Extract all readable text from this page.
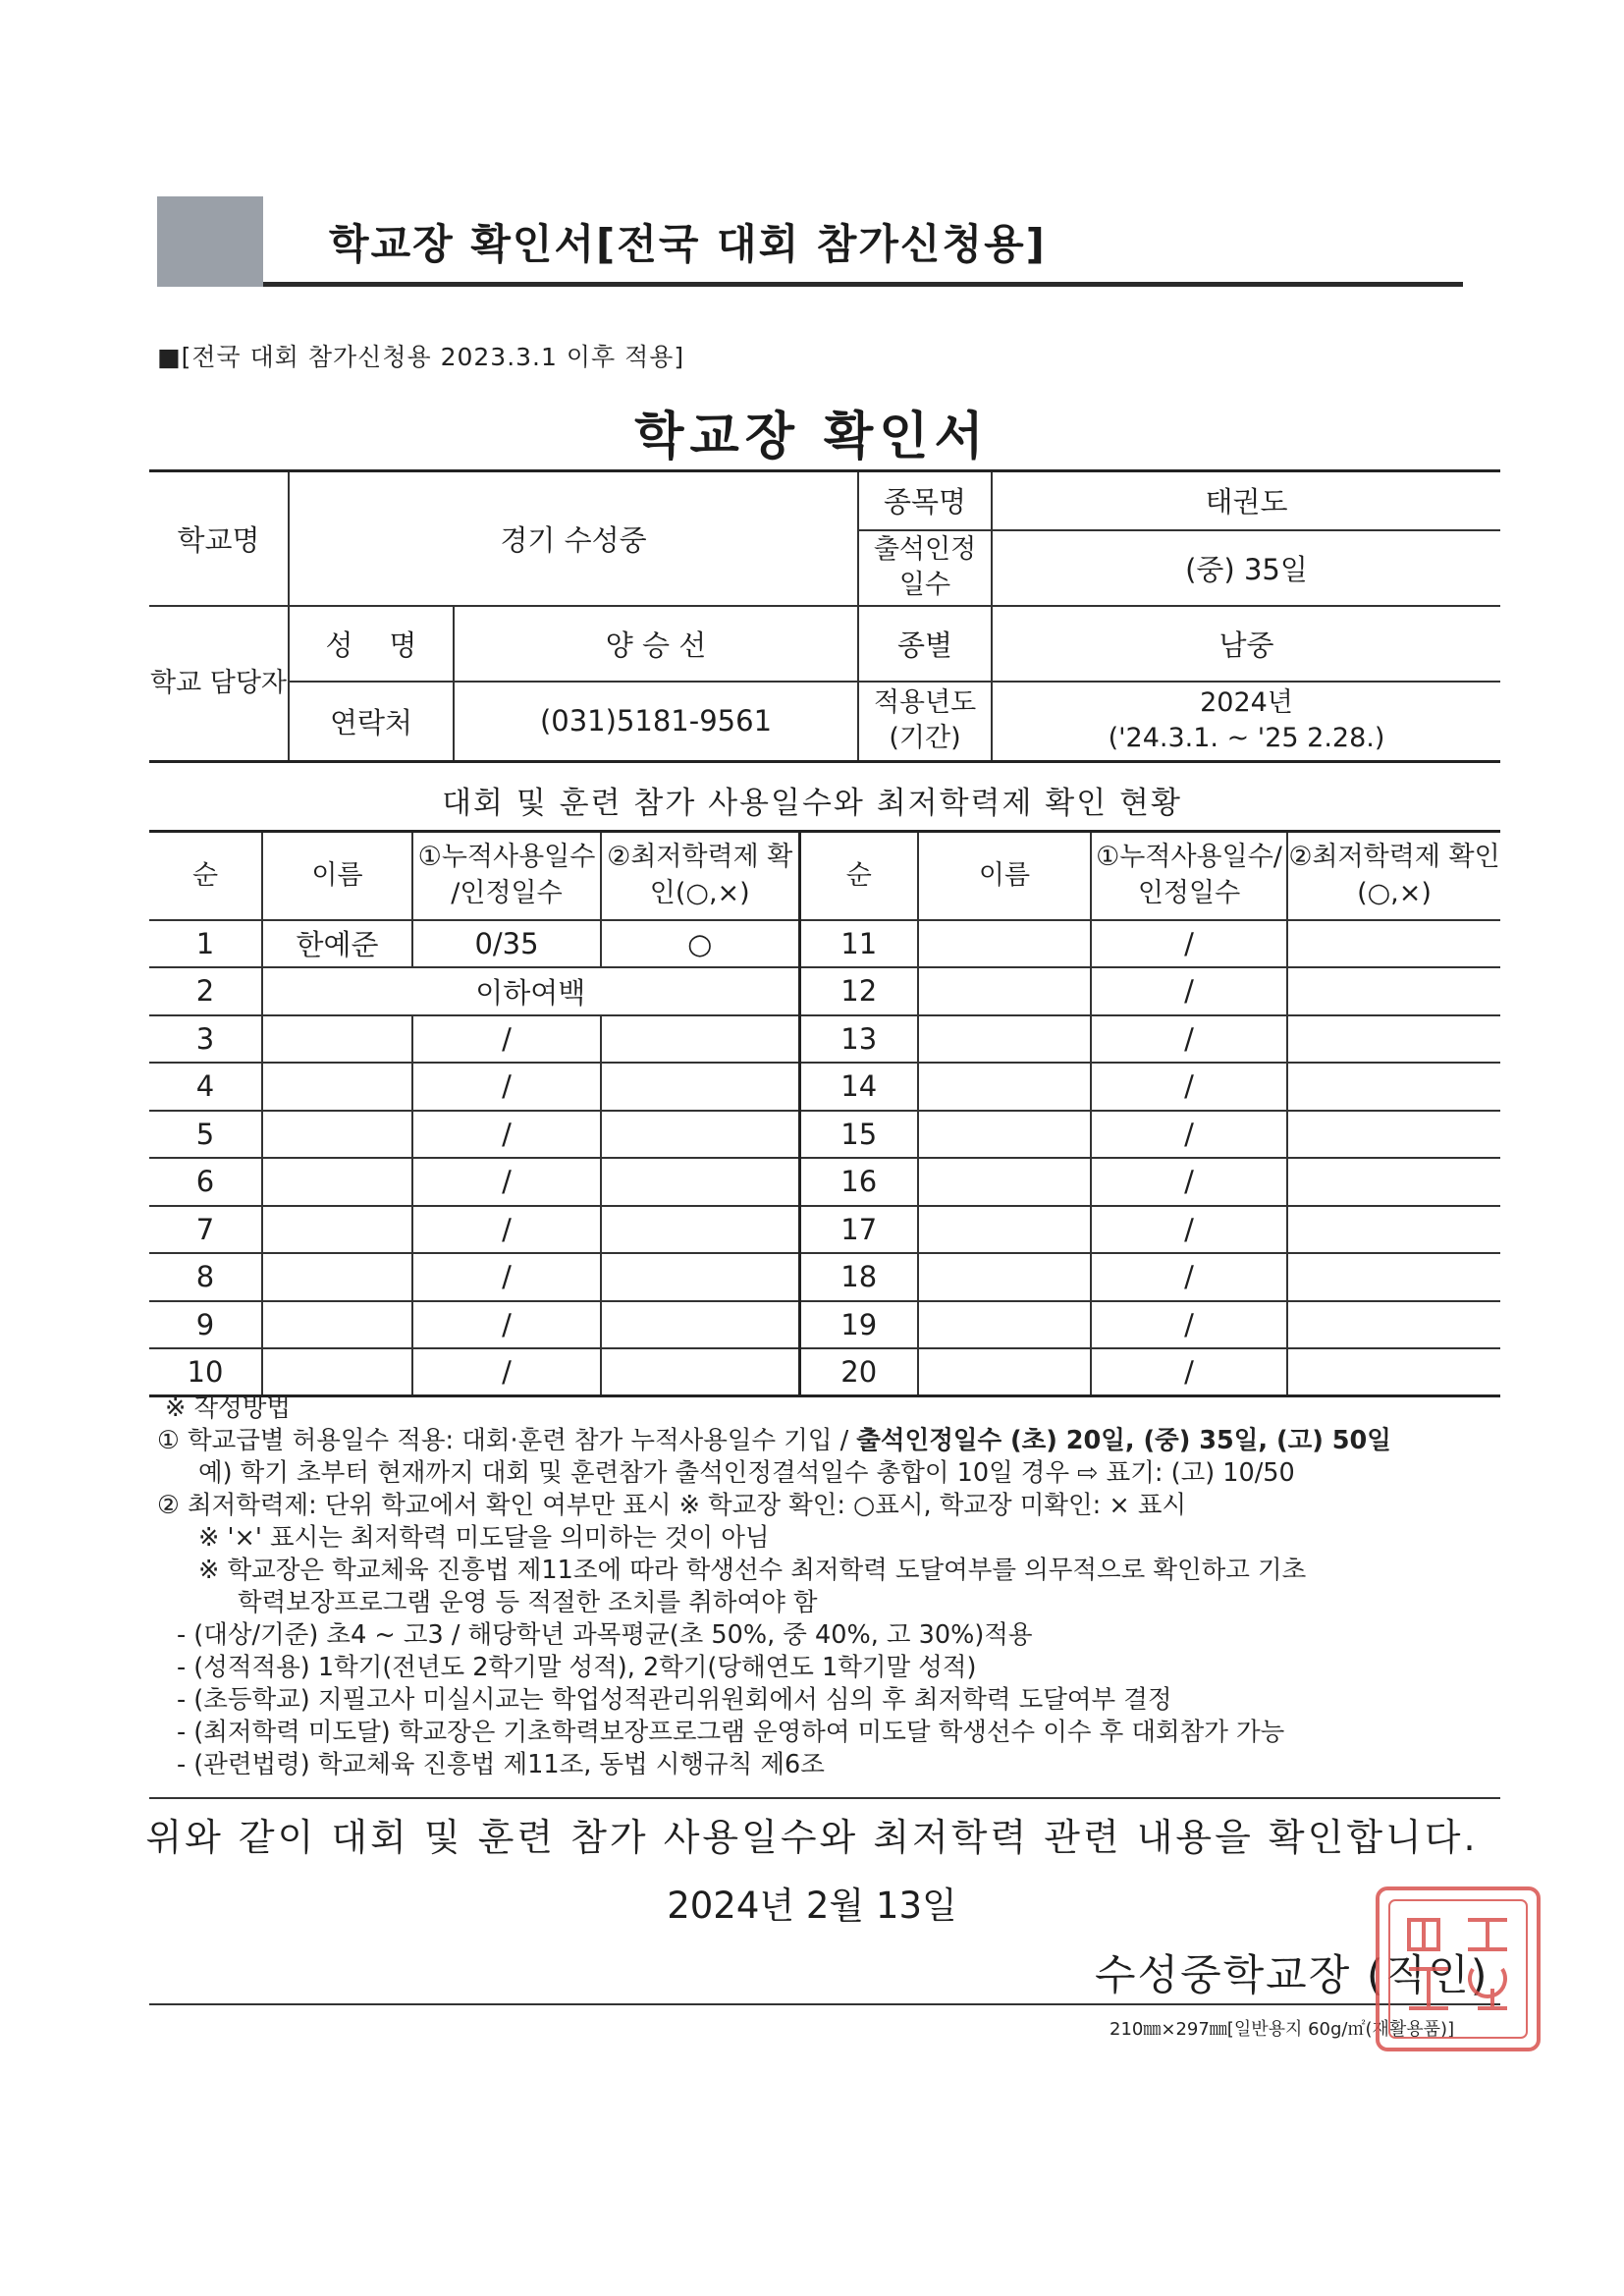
학교장 확인서[전국 대회 참가신청용]
■[전국 대회 참가신청용 2023.3.1 이후 적용]
학교장 확인서
학교명	경기 수성중		종목명	태권도
			출석인정 일수	(중) 35일
학교 담당자	성    명	양 승 선	종별	남중
	연락처	(031)5181-9561	적용년도 (기간)	2024년
('24.3.1. ~ '25 2.28.)
대회 및 훈련 참가 사용일수와 최저학력제 확인 현황
순	이름	①누적사용일수 /인정일수	②최저학력제 확인(○,×)	순	이름	①누적사용일수/ 인정일수	②최저학력제 확인(○,×)
1	한예준	0/35	○	11		/	
2	이하여백			12		/	
3		/		13		/	
4		/		14		/	
5		/		15		/	
6		/		16		/	
7		/		17		/	
8		/		18		/	
9		/		19		/	
10		/		20		/	

※ 작성방법

① 학교급별 허용일수 적용: 대회·훈련 참가 누적사용일수 기입 / 출석인정일수 (초) 20일, (중) 35일, (고) 50일

예) 학기 초부터 현재까지 대회 및 훈련참가 출석인정결석일수 총합이 10일 경우 ⇨ 표기: (고) 10/50

② 최저학력제: 단위 학교에서 확인 여부만 표시 ※ 학교장 확인: ○표시, 학교장 미확인: × 표시

※ '×' 표시는 최저학력 미도달을 의미하는 것이 아님

※ 학교장은 학교체육 진흥법 제11조에 따라 학생선수 최저학력 도달여부를 의무적으로 확인하고 기초

학력보장프로그램 운영 등 적절한 조치를 취하여야 함

- (대상/기준) 초4 ~ 고3 / 해당학년 과목평균(초 50%, 중 40%, 고 30%)적용

- (성적적용) 1학기(전년도 2학기말 성적), 2학기(당해연도 1학기말 성적)

- (초등학교) 지필고사 미실시교는 학업성적관리위원회에서 심의 후 최저학력 도달여부 결정

- (최저학력 미도달) 학교장은 기초학력보장프로그램 운영하여 미도달 학생선수 이수 후 대회참가 가능

- (관련법령) 학교체육 진흥법 제11조, 동법 시행규칙 제6조

위와 같이 대회 및 훈련 참가 사용일수와 최저학력 관련 내용을 확인합니다.
2024년 2월 13일
수성중학교장 (직인)
210㎜×297㎜[일반용지 60g/㎡(재활용품)]
